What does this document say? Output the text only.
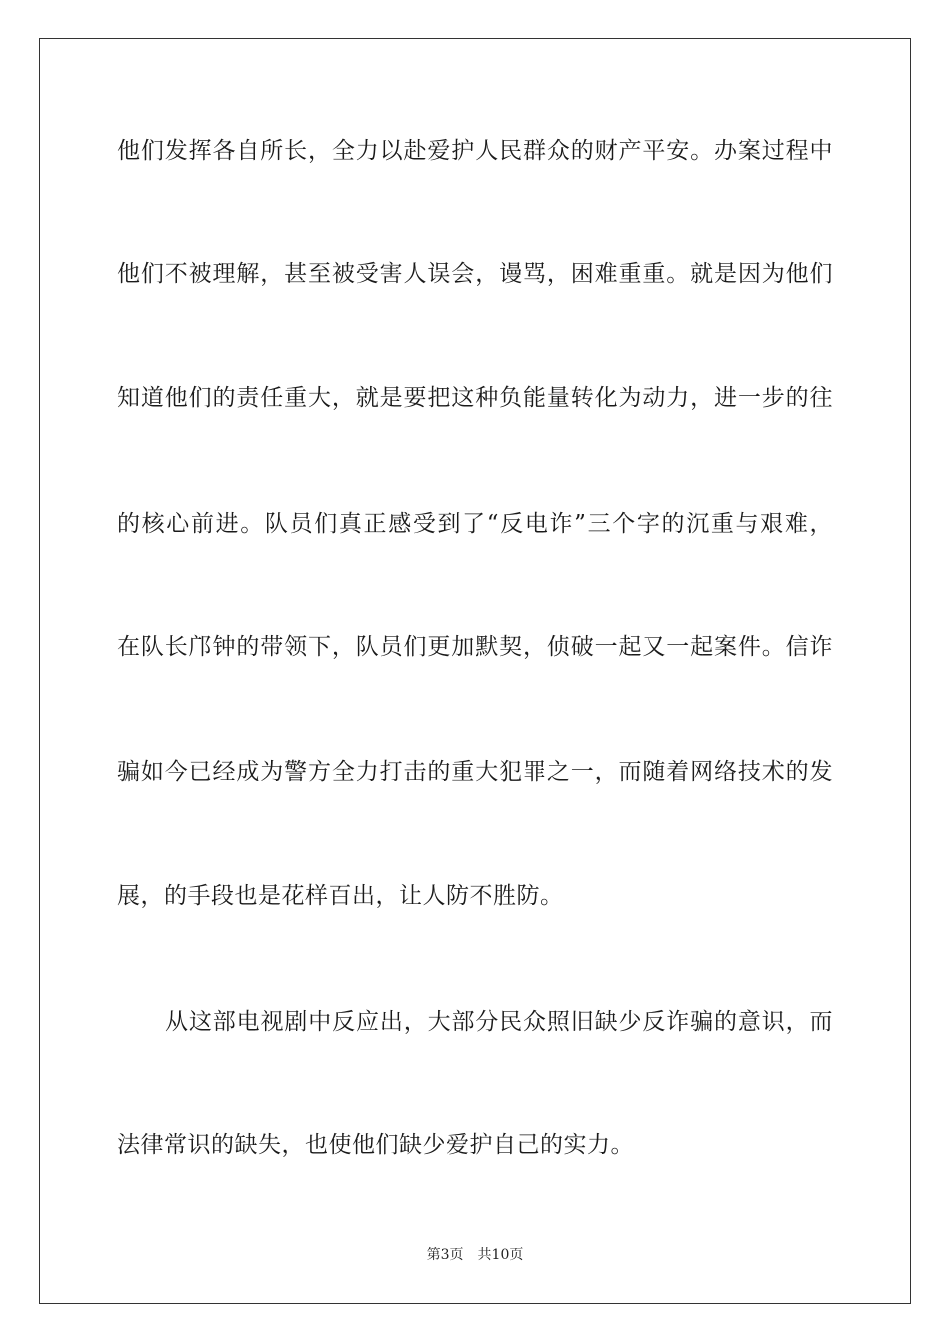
他们发挥各自所长，全力以赴爱护人民群众的财产平安。办案过程中
他们不被理解，甚至被受害人误会，谩骂，困难重重。就是因为他们
知道他们的责任重大，就是要把这种负能量转化为动力，进一步的往
的核心前进。队员们真正感受到了“反电诈”三个字的沉重与艰难，
在队长邝钟的带领下，队员们更加默契，侦破一起又一起案件。信诈
骗如今已经成为警方全力打击的重大犯罪之一，而随着网络技术的发
展，的手段也是花样百出，让人防不胜防。
从这部电视剧中反应出，大部分民众照旧缺少反诈骗的意识，而
法律常识的缺失，也使他们缺少爱护自己的实力。
第3页 共10页
